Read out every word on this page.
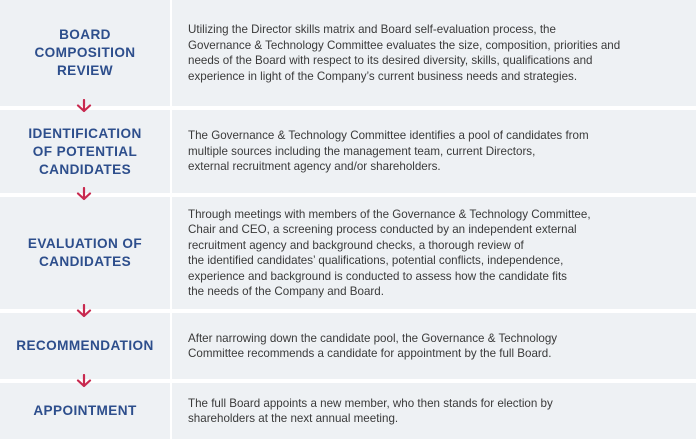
BOARD
COMPOSITION
REVIEW
Utilizing the Director skills matrix and Board self-evaluation process, the
Governance & Technology Committee evaluates the size, composition, priorities and
needs of the Board with respect to its desired diversity, skills, qualifications and
experience in light of the Company’s current business needs and strategies.
IDENTIFICATION
OF POTENTIAL
CANDIDATES
The Governance & Technology Committee identifies a pool of candidates from
multiple sources including the management team, current Directors,
external recruitment agency and/or shareholders.
EVALUATION OF
CANDIDATES
Through meetings with members of the Governance & Technology Committee,
Chair and CEO, a screening process conducted by an independent external
recruitment agency and background checks, a thorough review of
the identified candidates’ qualifications, potential conflicts, independence,
experience and background is conducted to assess how the candidate fits
the needs of the Company and Board.
RECOMMENDATION	After narrowing down the candidate pool, the Governance & Technology
Committee recommends a candidate for appointment by the full Board.
APPOINTMENT	The full Board appoints a new member, who then stands for election by
shareholders at the next annual meeting.
